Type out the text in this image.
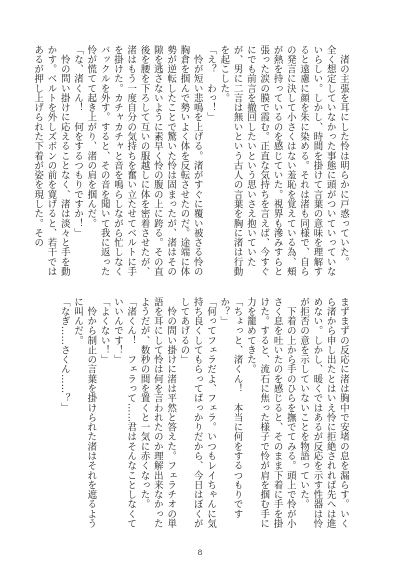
　渚の主張を耳にした怜は明らかに戸惑っていた。
全く想定していなかった事態に頭がついていっていないらしい。しかし、時間を掛けて言葉の意味を理解すると遠慮に顔を朱に染める。それは渚も同様で、自らの発言に決して小さくはない羞恥を覚えている為、頰が熱を持っているのを感じていた。視界も滲みすらと張った涙の膜で霞む。正直な気持ちを言えば、今すぐにでも前言を撤回したいという思いさえ抱いていたが、男に二言は無いという古人の言葉を胸に渚は行動を起こした。
「え？　わっ！」
　怜が短い悲鳴を上げる。渚がすぐに覆い被さる怜の胸倉を掴んで勢いよく体を反転させたのだ。途端に体勢が逆転したことで驚いた怜は固まったが、渚はその隙を逃さないように素早く怜の腹の上に跨る。その直後を腰を下ろして互いの服越しに体を密着させたが、渚はもう一度自分の気持ちを奮い立たせてベルトに手を掛けた。カチャカチャと音を鳴らしながら忙しなくバックルを外す。すると、その音を聞いて我に返った怜が慌てて起き上がり、渚の肩を掴んだ。
「な、渚くん！　何をするつもりですか！」
　怜の問い掛けに応えることなく、渚は淡々と手を動かす。ベルトを外しズボンの前を寛げると、若干ではあるが押し上げられた下着が姿を現した。その
まずまずの反応に渚は胸中で安堵の息を漏らす。いくら渚から申し出たとはいえ怜に拒絶されれば先へは進めない。しかし、暖くではあるが反応を示す性器は怜が拒否の意を示していないことを物語っていた。
　下着の上から手のひらを撫でてみる。頭上で怜が小さく息を吐いたのを感じると、そのまま下着に手を掛けた。すると、流石に焦った様子で怜が肩を掴む手に力を籠めてきた。
「ちょっと、渚くん！　本当に何をするつもりですか？」
「何ってフェラだよ、フェラ。いつもレイちゃんに気持ち良くしてもらってばっかりだから、今日はぼくがしてあげるの」
　怜の問い掛けに渚は平然と答えた。フェラチオの単語を耳にして怜は何を言われたのか理解出来なかったようだが、数秒の間を置くと一気に赤くなった。
「渚くん！　フェラって……君はそんなことしなくていいんです！」
「よくない！」
　怜から制止の言葉を掛けられた渚はそれを遮るように叫んだ。
「なぎ……さくん……？」
8
